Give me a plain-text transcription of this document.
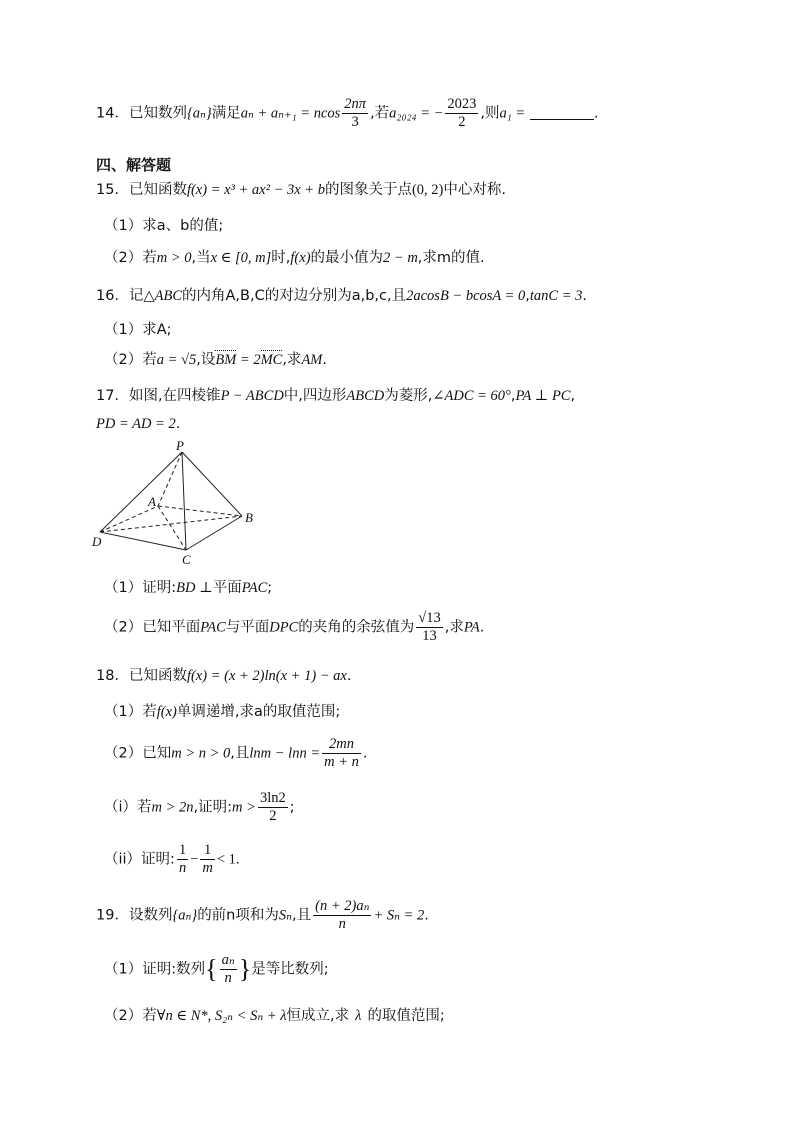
14．已知数列{aₙ}满足aₙ + aₙ₊₁ = ncos $\frac{2n\pi}{3}$ ,若a₂₀₂₄ = − $\frac{2023}{2}$ ,则a₁ =	.
四、解答题
15．已知函数f(x) = x³ + ax² − 3x + b的图象关于点(0, 2)中心对称.
（1）求a、b的值;
（2）若m > 0,当x ∈ [0, m]时,f(x)的最小值为2 − m,求m的值.
16．记△ABC的内角A,B,C的对边分别为a,b,c,且2acosB − bcosA = 0,tanC = 3.
（1）求A;
（2）若a = √5,设BM = 2MC,求AM.
17．如图,在四棱锥P − ABCD中,四边形ABCD为菱形,∠ADC = 60°,PA ⊥ PC,
PD = AD = 2.
P
A
B
C
D
（1）证明:BD ⊥平面PAC;
（2）已知平面PAC与平面DPC的夹角的余弦值为 $\frac{√13}{13}$ ,求PA.
18．已知函数f(x) = (x + 2)ln(x + 1) − ax.
（1）若f(x)单调递增,求a的取值范围;
（2）已知m > n > 0,且$\ln m - \ln n = \frac{2mn}{m + n}$ .
（i）若m > 2n,证明:m > $\frac{3\ln 2}{2}$ ;
（ii）证明: $\frac{1}{n} - \frac{1}{m} < 1$.
19．设数列{aₙ}的前n项和为Sₙ,且 $\frac{\text{(n + 2)aₙ}}{n} + S_n = 2$.
（1）证明:数列{ $\frac{\text{aₙ}}{n}$ }是等比数列;
（2）若∀n ∈ N*, S₂ₙ < Sₙ + λ恒成立,求 λ 的取值范围;
